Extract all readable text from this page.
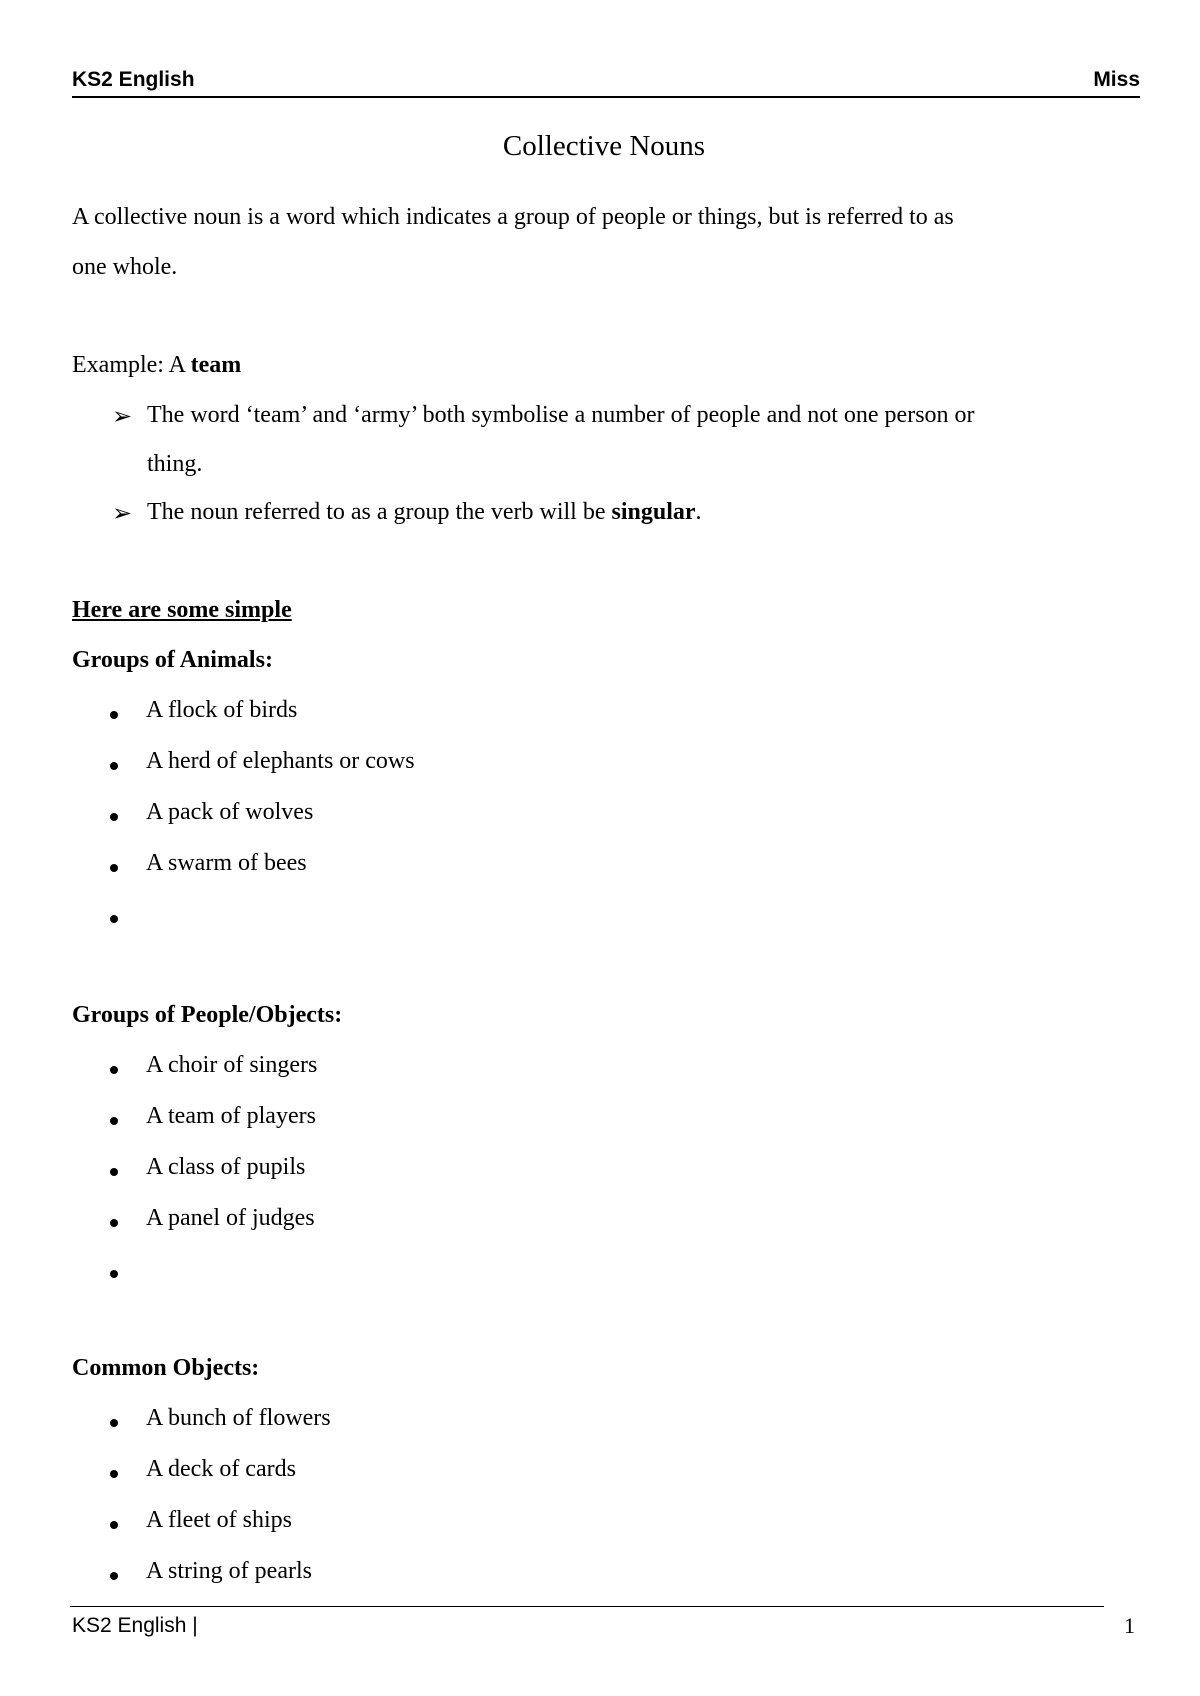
KS2 English	Miss
Collective Nouns
A collective noun is a word which indicates a group of people or things, but is referred to as
one whole.
Example: A team
➢ The word ‘team’ and ‘army’ both symbolise a number of people and not one person or
thing.
➢ The noun referred to as a group the verb will be singular.
Here are some simple
Groups of Animals:
A flock of birds
A herd of elephants or cows
A pack of wolves
A swarm of bees
Groups of People/Objects:
A choir of singers
A team of players
A class of pupils
A panel of judges
Common Objects:
A bunch of flowers
A deck of cards
A fleet of ships
A string of pearls
KS2 English |	1
